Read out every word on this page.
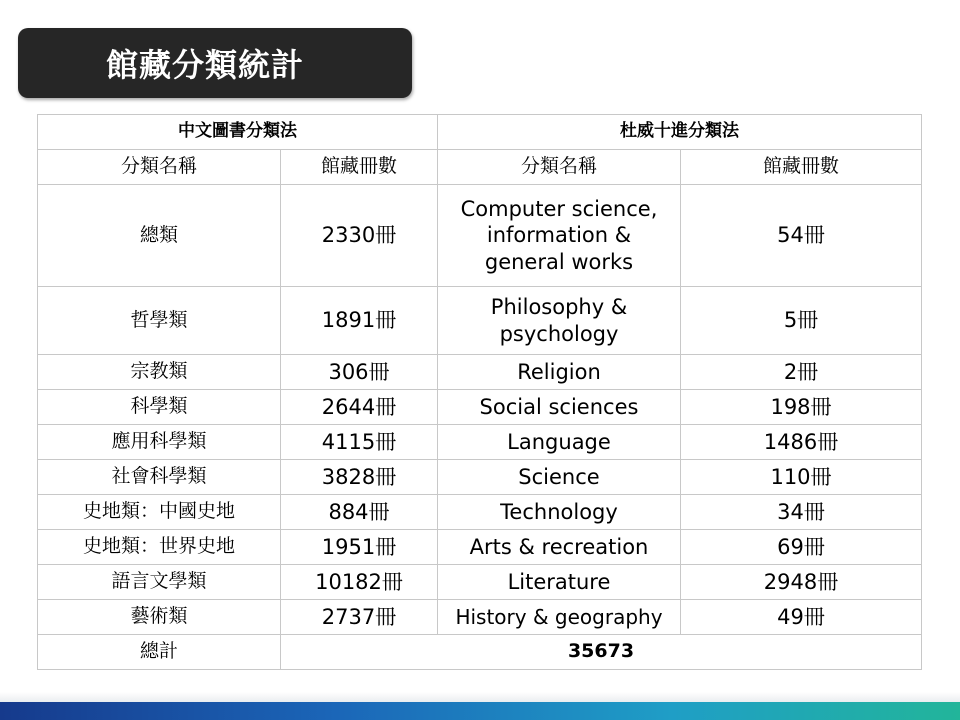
館藏分類統計
中文圖書分類法		杜威十進分類法	
分類名稱	館藏冊數	分類名稱	館藏冊數
總類	2330冊	Computer science, information & general works	54冊
哲學類	1891冊	Philosophy & psychology	5冊
宗教類	306冊	Religion	2冊
科學類	2644冊	Social sciences	198冊
應用科學類	4115冊	Language	1486冊
社會科學類	3828冊	Science	110冊
史地類：中國史地	884冊	Technology	34冊
史地類：世界史地	1951冊	Arts & recreation	69冊
語言文學類	10182冊	Literature	2948冊
藝術類	2737冊	History & geography	49冊
總計	35673		
